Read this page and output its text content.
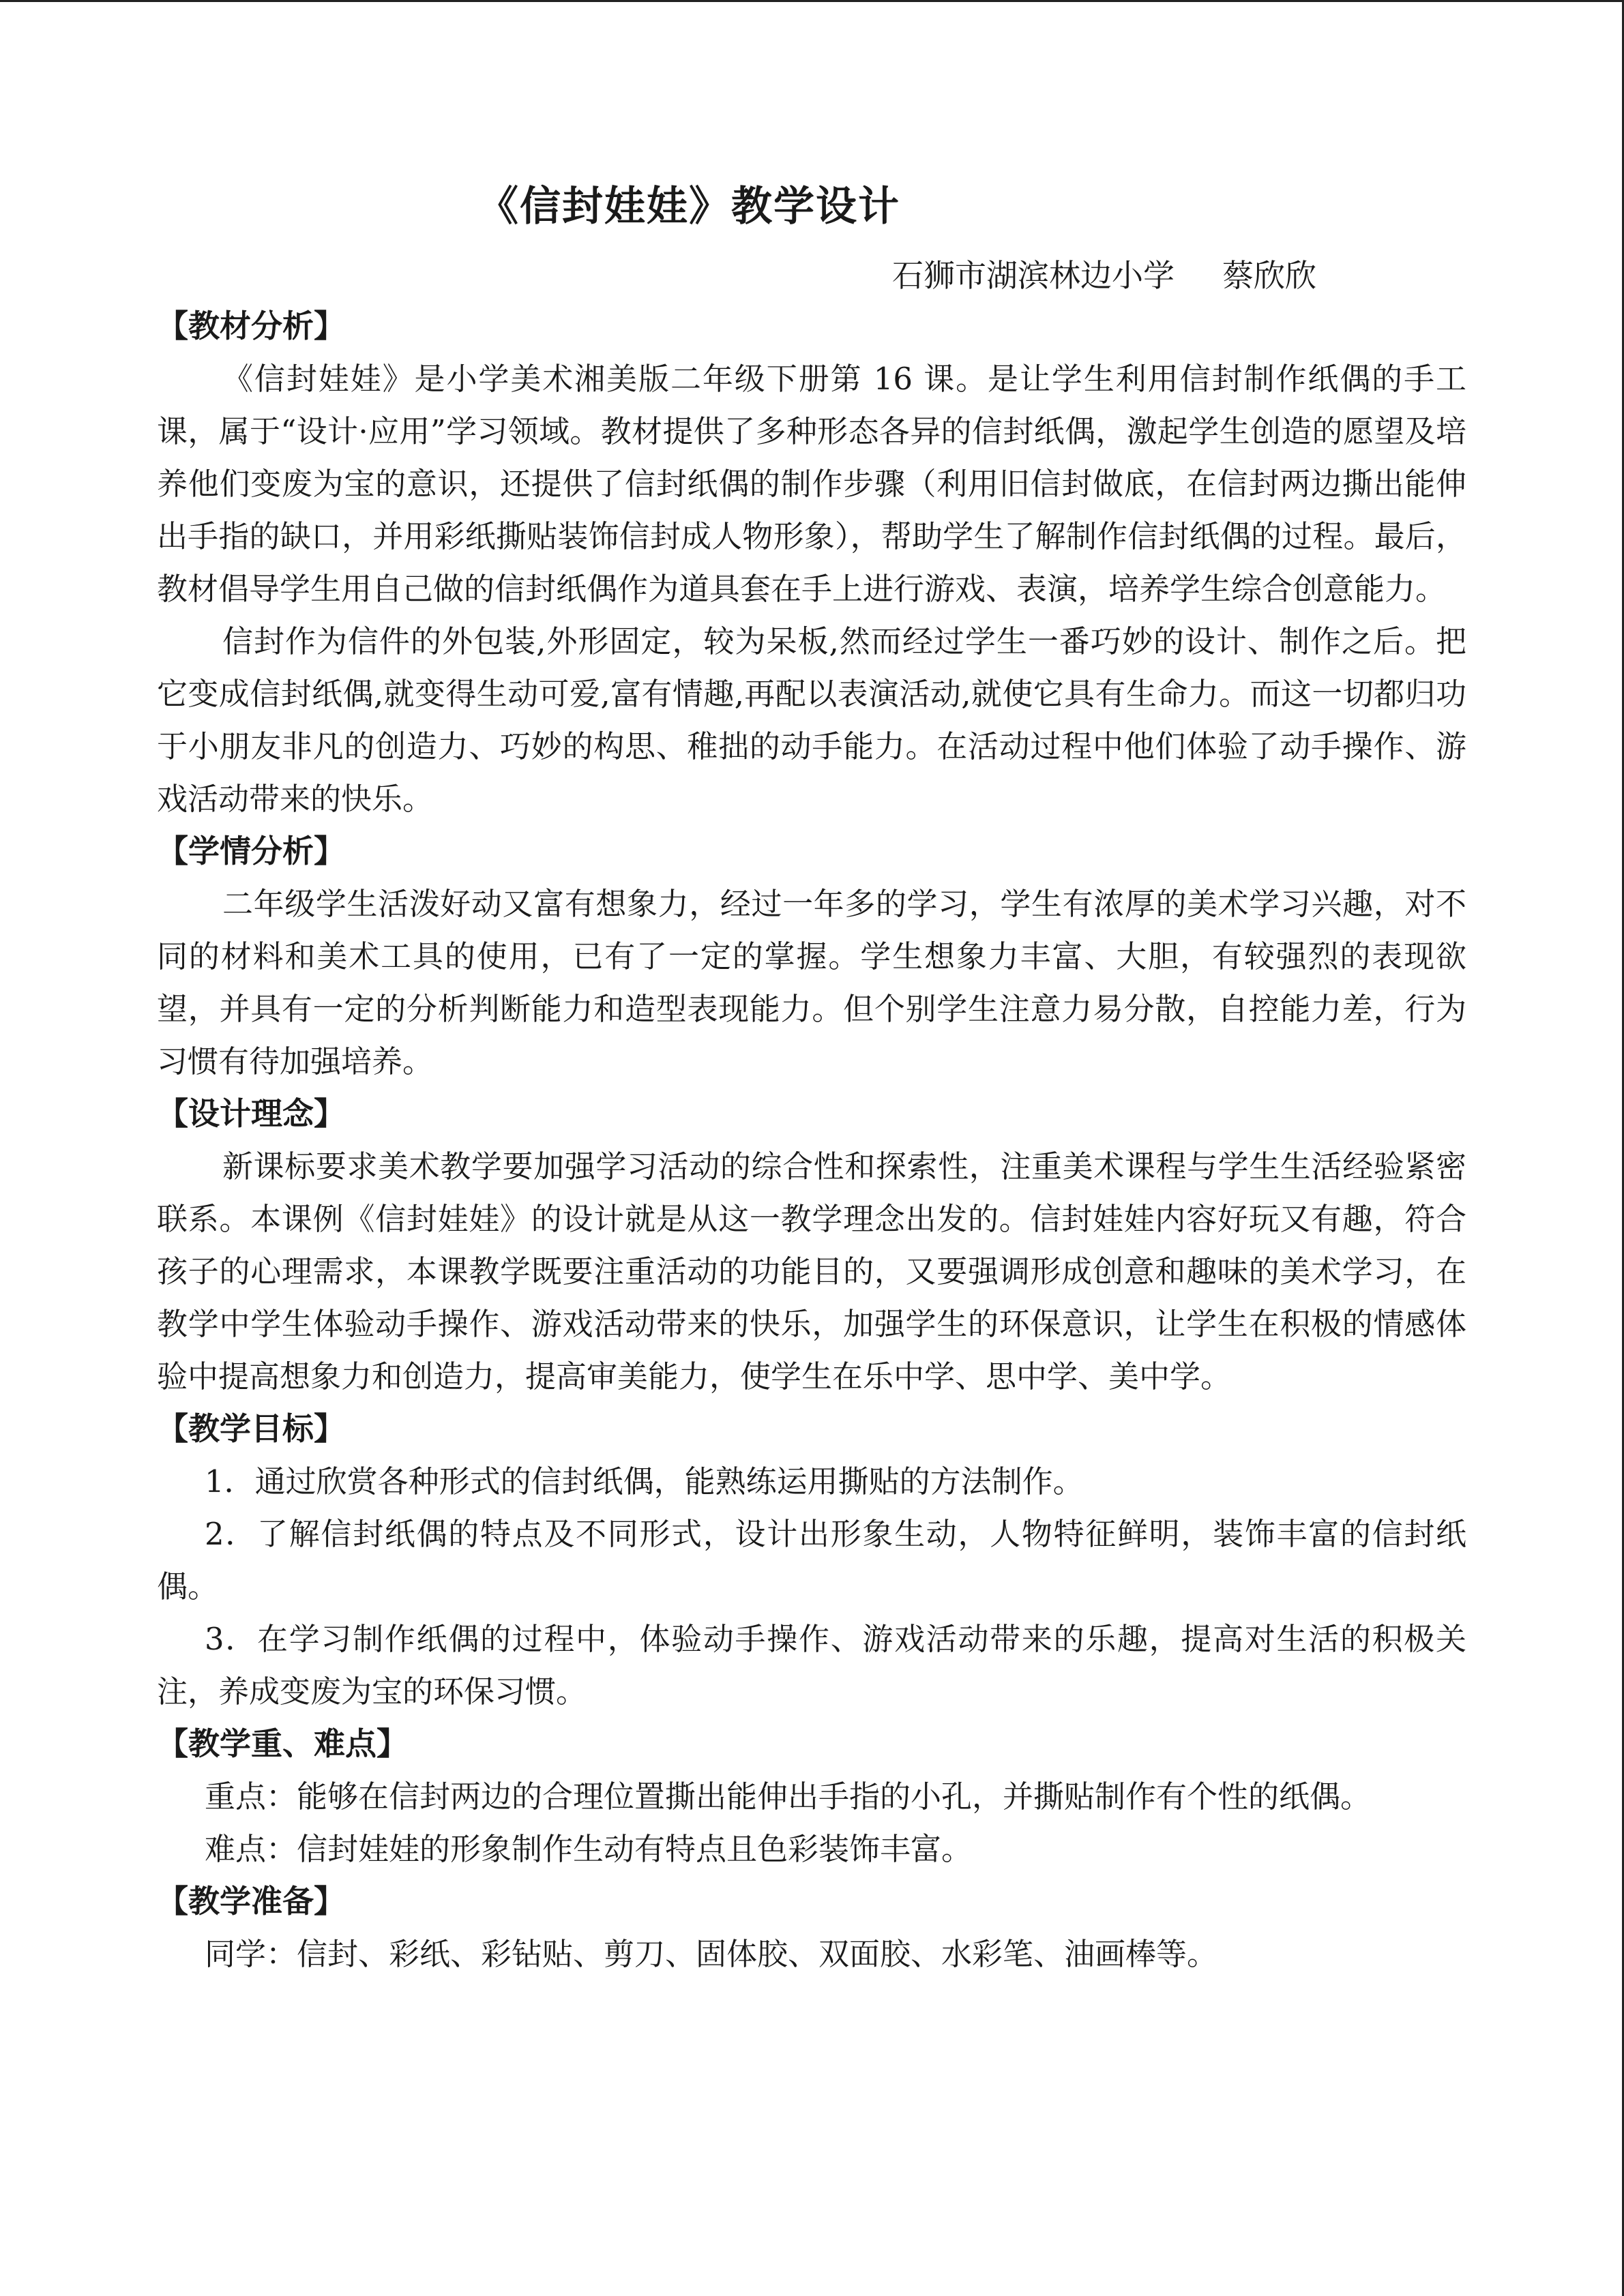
《信封娃娃》教学设计
石狮市湖滨林边小学 蔡欣欣

【教材分析】

《信封娃娃》是小学美术湘美版二年级下册第 16 课。是让学生利用信封制作纸偶的手工课，属于“设计·应用”学习领域。教材提供了多种形态各异的信封纸偶，激起学生创造的愿望及培养他们变废为宝的意识，还提供了信封纸偶的制作步骤（利用旧信封做底，在信封两边撕出能伸出手指的缺口，并用彩纸撕贴装饰信封成人物形象），帮助学生了解制作信封纸偶的过程。最后，教材倡导学生用自己做的信封纸偶作为道具套在手上进行游戏、表演，培养学生综合创意能力。

信封作为信件的外包装,外形固定，较为呆板,然而经过学生一番巧妙的设计、制作之后。把它变成信封纸偶,就变得生动可爱,富有情趣,再配以表演活动,就使它具有生命力。而这一切都归功于小朋友非凡的创造力、巧妙的构思、稚拙的动手能力。在活动过程中他们体验了动手操作、游戏活动带来的快乐。

【学情分析】

二年级学生活泼好动又富有想象力，经过一年多的学习，学生有浓厚的美术学习兴趣，对不同的材料和美术工具的使用，已有了一定的掌握。学生想象力丰富、大胆，有较强烈的表现欲望，并具有一定的分析判断能力和造型表现能力。但个别学生注意力易分散，自控能力差，行为习惯有待加强培养。

【设计理念】

新课标要求美术教学要加强学习活动的综合性和探索性，注重美术课程与学生生活经验紧密联系。本课例《信封娃娃》的设计就是从这一教学理念出发的。信封娃娃内容好玩又有趣，符合孩子的心理需求，本课教学既要注重活动的功能目的，又要强调形成创意和趣味的美术学习，在教学中学生体验动手操作、游戏活动带来的快乐，加强学生的环保意识，让学生在积极的情感体验中提高想象力和创造力，提高审美能力，使学生在乐中学、思中学、美中学。

【教学目标】

1．通过欣赏各种形式的信封纸偶，能熟练运用撕贴的方法制作。

2．了解信封纸偶的特点及不同形式，设计出形象生动，人物特征鲜明，装饰丰富的信封纸偶。

3．在学习制作纸偶的过程中，体验动手操作、游戏活动带来的乐趣，提高对生活的积极关注，养成变废为宝的环保习惯。

【教学重、难点】

重点：能够在信封两边的合理位置撕出能伸出手指的小孔，并撕贴制作有个性的纸偶。

难点：信封娃娃的形象制作生动有特点且色彩装饰丰富。

【教学准备】

同学：信封、彩纸、彩钻贴、剪刀、固体胶、双面胶、水彩笔、油画棒等。
